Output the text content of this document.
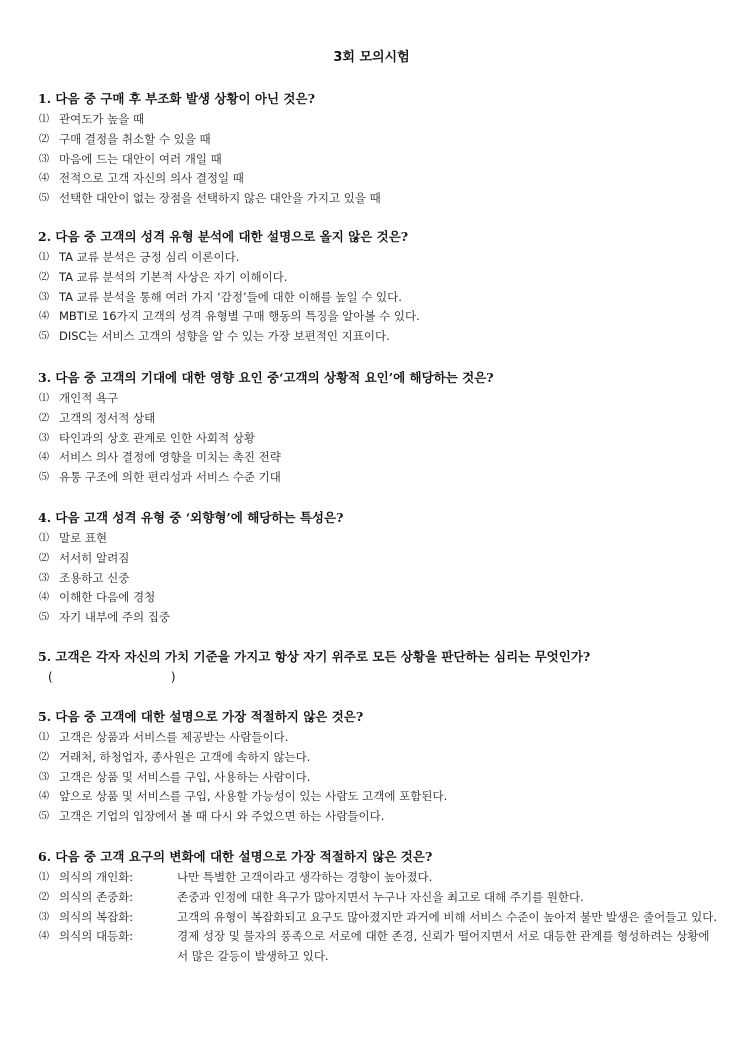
3회 모의시험
1. 다음 중 구매 후 부조화 발생 상황이 아닌 것은?
⑴ 관여도가 높을 때
⑵ 구매 결정을 취소할 수 있을 때
⑶ 마음에 드는 대안이 여러 개일 때
⑷ 전적으로 고객 자신의 의사 결정일 때
⑸ 선택한 대안이 없는 장점을 선택하지 않은 대안을 가지고 있을 때
2. 다음 중 고객의 성격 유형 분석에 대한 설명으로 올지 않은 것은?
⑴ TA 교류 분석은 긍정 심리 이론이다.
⑵ TA 교류 분석의 기본적 사상은 자기 이해이다.
⑶ TA 교류 분석을 통해 여러 가지 ‘감정’들에 대한 이해를 높일 수 있다.
⑷ MBTI로 16가지 고객의 성격 유형별 구매 행동의 특징을 알아볼 수 있다.
⑸ DISC는 서비스 고객의 성향을 알 수 있는 가장 보편적인 지표이다.
3. 다음 중 고객의 기대에 대한 영향 요인 중‘고객의 상황적 요인’에 해당하는 것은?
⑴ 개인적 욕구
⑵ 고객의 정서적 상태
⑶ 타인과의 상호 관계로 인한 사회적 상황
⑷ 서비스 의사 결정에 영향을 미치는 촉진 전략
⑸ 유통 구조에 의한 편리성과 서비스 수준 기대
4. 다음 고객 성격 유형 중 ‘외향형’에 해당하는 특성은?
⑴ 말로 표현
⑵ 서서히 알려짐
⑶ 조용하고 신중
⑷ 이해한 다음에 경청
⑸ 자기 내부에 주의 집중
5. 고객은 각자 자신의 가치 기준을 가지고 항상 자기 위주로 모든 상황을 판단하는 심리는 무엇인가?
(                               )
5. 다음 중 고객에 대한 설명으로 가장 적절하지 않은 것은?
⑴ 고객은 상품과 서비스를 제공받는 사람들이다.
⑵ 거래처, 하청업자, 종사원은 고객에 속하지 않는다.
⑶ 고객은 상품 및 서비스를 구입, 사용하는 사람이다.
⑷ 앞으로 상품 및 서비스를 구입, 사용할 가능성이 있는 사람도 고객에 포함된다.
⑸ 고객은 기업의 입장에서 볼 때 다시 와 주었으면 하는 사람들이다.
6. 다음 중 고객 요구의 변화에 대한 설명으로 가장 적절하지 않은 것은?
⑴ 의식의 개인화:	나만 특별한 고객이라고 생각하는 경향이 높아졌다.
⑵ 의식의 존중화:	존중과 인정에 대한 욕구가 많아지면서 누구나 자신을 최고로 대해 주기를 원한다.
⑶ 의식의 복잡화:	고객의 유형이 복잡화되고 요구도 많아졌지만 과거에 비해 서비스 수준이 높아져 불만 발생은 줄어들고 있다.
⑷ 의식의 대등화:	경제 성장 및 물자의 풍족으로 서로에 대한 존경, 신뢰가 떨어지면서 서로 대등한 관계를 형성하려는 상황에서 많은 갈등이 발생하고 있다.
